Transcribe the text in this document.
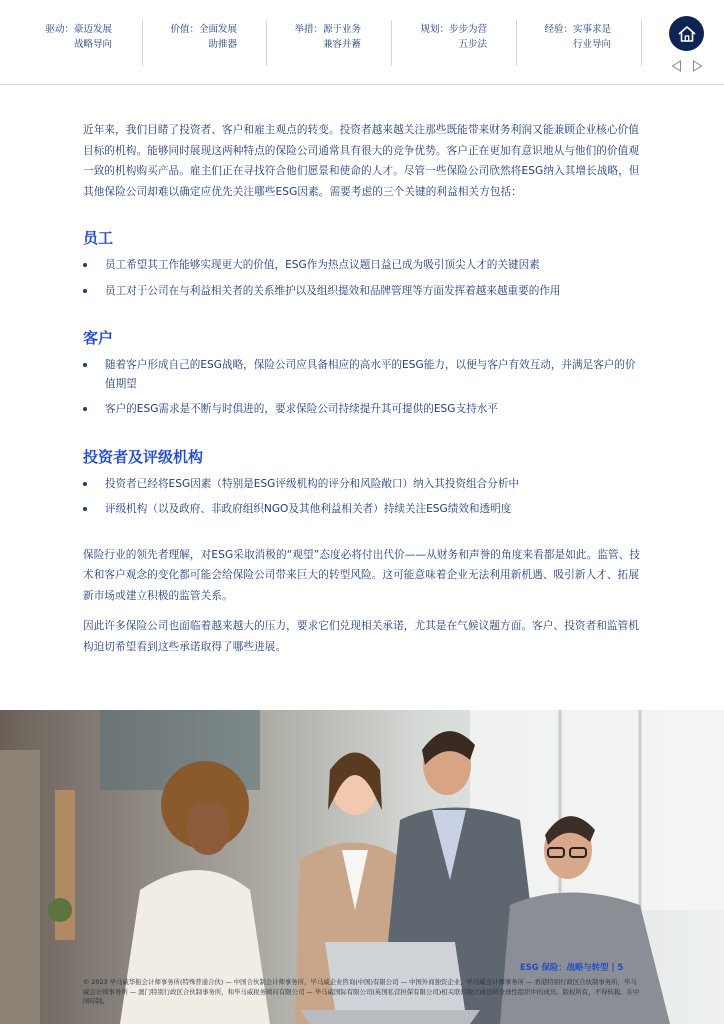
驱动：豪迈发展
战略导向
价值：全面发展
助推器
举措：源于业务
兼容并蓄
规划：步步为营
五步法
经验：实事求是
行业导向

近年来，我们目睹了投资者、客户和雇主观点的转变。投资者越来越关注那些既能带来财务利润又能兼顾企业核心价值目标的机构。能够同时展现这两种特点的保险公司通常具有很大的竞争优势。客户正在更加有意识地从与他们的价值观一致的机构购买产品。雇主们正在寻找符合他们愿景和使命的人才。尽管一些保险公司欣然将ESG纳入其增长战略，但其他保险公司却难以确定应优先关注哪些ESG因素。需要考虑的三个关键的利益相关方包括：

员工
员工希望其工作能够实现更大的价值，ESG作为热点议题日益已成为吸引顶尖人才的关键因素
员工对于公司在与利益相关者的关系维护以及组织提效和品牌管理等方面发挥着越来越重要的作用
客户
随着客户形成自己的ESG战略，保险公司应具备相应的高水平的ESG能力，以便与客户有效互动，并满足客户的价值期望
客户的ESG需求是不断与时俱进的，要求保险公司持续提升其可提供的ESG支持水平
投资者及评级机构
投资者已经将ESG因素（特别是ESG评级机构的评分和风险敞口）纳入其投资组合分析中
评级机构（以及政府、非政府组织NGO及其他利益相关者）持续关注ESG绩效和透明度

保险行业的领先者理解，对ESG采取消极的“观望”态度必将付出代价——从财务和声誉的角度来看都是如此。监管、技术和客户观念的变化都可能会给保险公司带来巨大的转型风险。这可能意味着企业无法利用新机遇、吸引新人才、拓展新市场或建立积极的监管关系。

因此许多保险公司也面临着越来越大的压力，要求它们兑现相关承诺，尤其是在气候议题方面。客户、投资者和监管机构迫切希望看到这些承诺取得了哪些进展。

ESG 保险：战略与转型 | 5
© 2023 毕马威华振会计师事务所(特殊普通合伙) — 中国合伙制会计师事务所，毕马威企业咨询(中国)有限公司 — 中国外商独资企业，毕马威会计师事务所 — 香港特别行政区合伙制事务所，毕马威会计师事务所 — 澳门特别行政区合伙制事务所，和毕马威税务顾问有限公司 — 毕马威国际有限公司(英国私营担保有限公司)相关联的独立成员所全球性组织中的成员。版权所有，不得转载。在中国印制。
